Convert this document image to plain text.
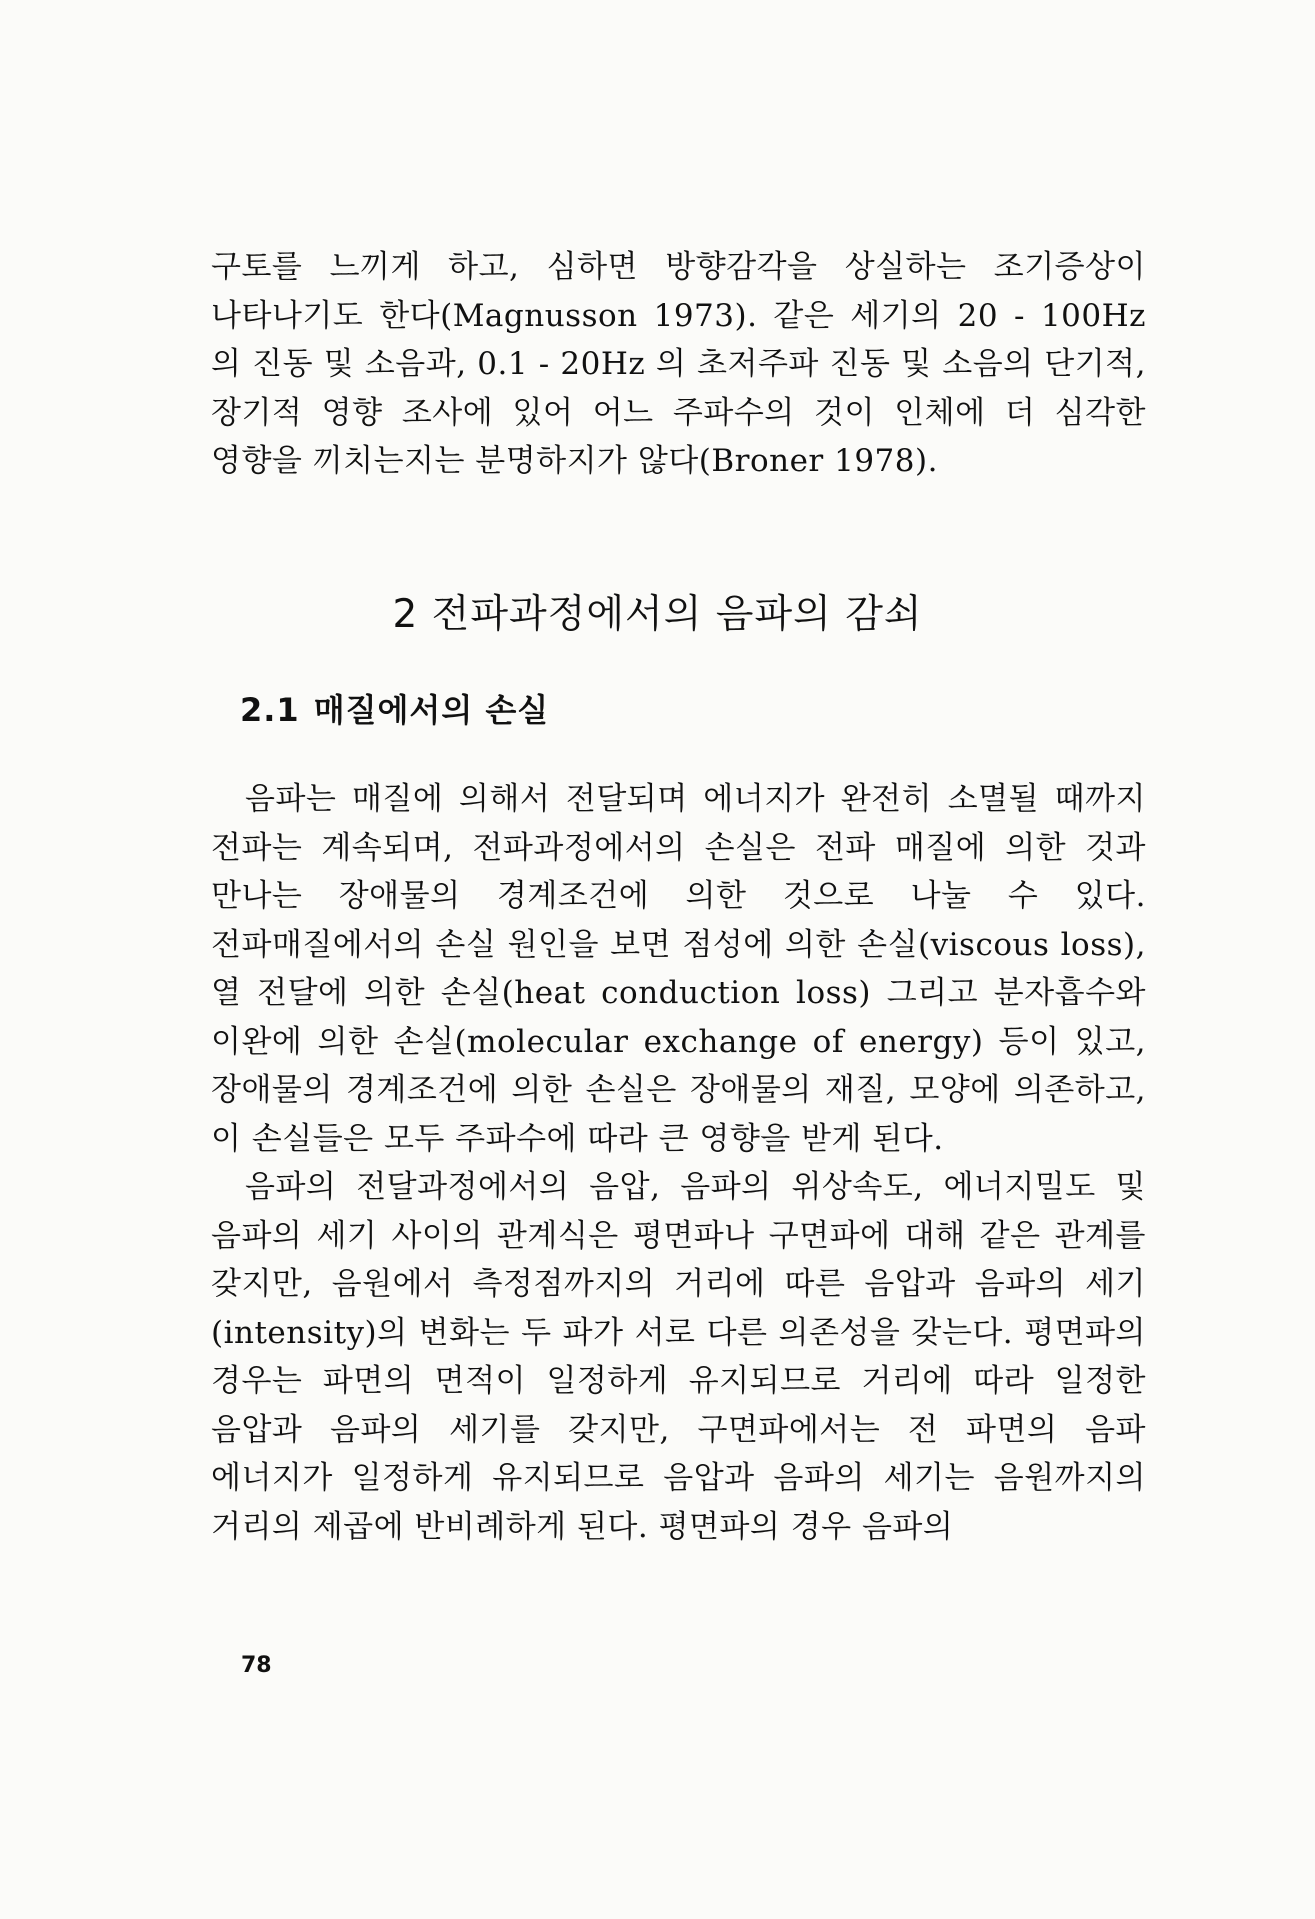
구토를 느끼게 하고, 심하면 방향감각을 상실하는 조기증상이 나타나기도 한다(Magnusson 1973). 같은 세기의 20 - 100Hz 의 진동 및 소음과, 0.1 - 20Hz 의 초저주파 진동 및 소음의 단기적, 장기적 영향 조사에 있어 어느 주파수의 것이 인체에 더 심각한 영향을 끼치는지는 분명하지가 않다(Broner 1978).

2 전파과정에서의 음파의 감쇠
2.1 매질에서의 손실

음파는 매질에 의해서 전달되며 에너지가 완전히 소멸될 때까지 전파는 계속되며, 전파과정에서의 손실은 전파 매질에 의한 것과 만나는 장애물의 경계조건에 의한 것으로 나눌 수 있다. 전파매질에서의 손실 원인을 보면 점성에 의한 손실(viscous loss), 열 전달에 의한 손실(heat conduction loss) 그리고 분자흡수와 이완에 의한 손실(molecular exchange of energy) 등이 있고, 장애물의 경계조건에 의한 손실은 장애물의 재질, 모양에 의존하고, 이 손실들은 모두 주파수에 따라 큰 영향을 받게 된다.

음파의 전달과정에서의 음압, 음파의 위상속도, 에너지밀도 및 음파의 세기 사이의 관계식은 평면파나 구면파에 대해 같은 관계를 갖지만, 음원에서 측정점까지의 거리에 따른 음압과 음파의 세기(intensity)의 변화는 두 파가 서로 다른 의존성을 갖는다. 평면파의 경우는 파면의 면적이 일정하게 유지되므로 거리에 따라 일정한 음압과 음파의 세기를 갖지만, 구면파에서는 전 파면의 음파 에너지가 일정하게 유지되므로 음압과 음파의 세기는 음원까지의 거리의 제곱에 반비례하게 된다. 평면파의 경우 음파의

78
